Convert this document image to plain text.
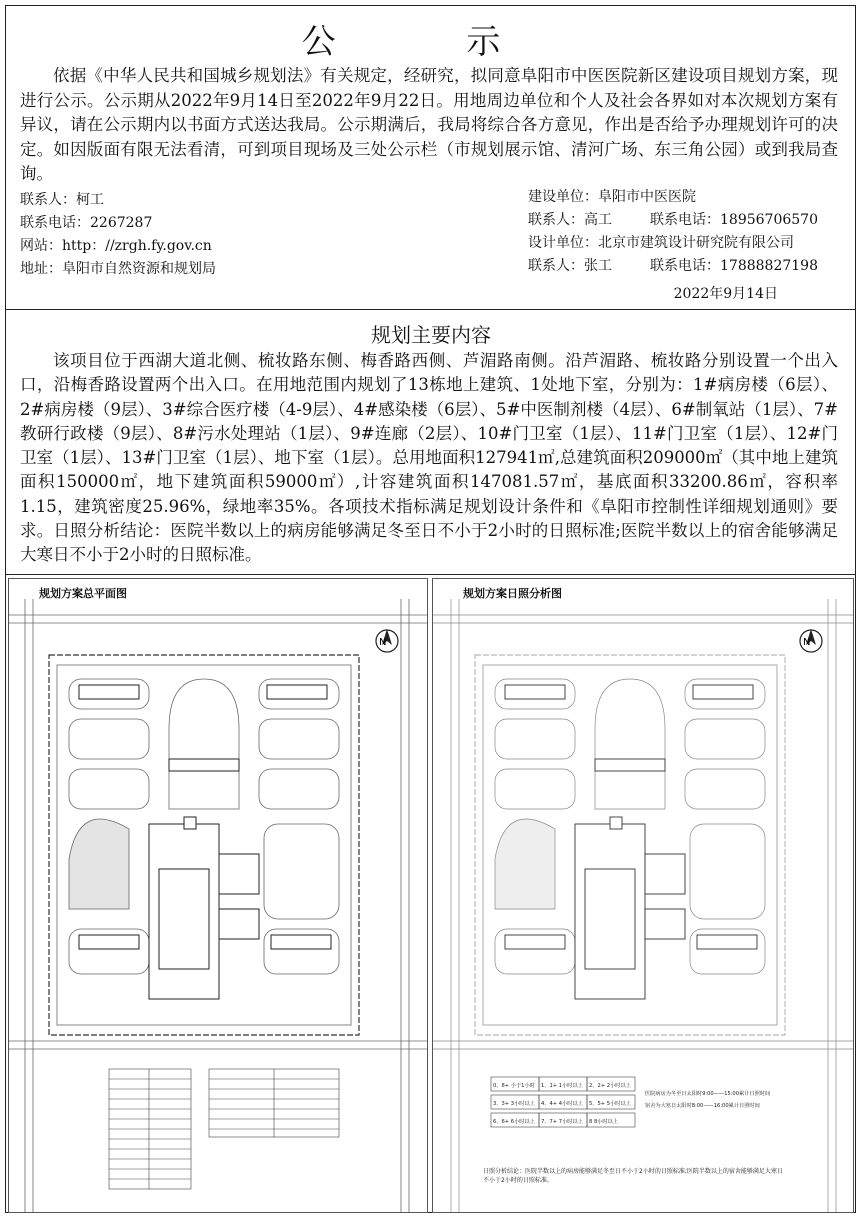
公 示
依据《中华人民共和国城乡规划法》有关规定，经研究，拟同意阜阳市中医医院新区建设项目规划方案，现进行公示。公示期从2022年9月14日至2022年9月22日。用地周边单位和个人及社会各界如对本次规划方案有异议，请在公示期内以书面方式送达我局。公示期满后，我局将综合各方意见，作出是否给予办理规划许可的决定。如因版面有限无法看清，可到项目现场及三处公示栏（市规划展示馆、清河广场、东三角公园）或到我局查询。
联系人：柯工
联系电话：2267287
网站：http：//zrgh.fy.gov.cn
地址：阜阳市自然资源和规划局
建设单位：阜阳市中医医院
联系人：高工	联系电话：18956706570
设计单位：北京市建筑设计研究院有限公司
联系人：张工	联系电话：17888827198
2022年9月14日
规划主要内容
该项目位于西湖大道北侧、梳妆路东侧、梅香路西侧、芦湄路南侧。沿芦湄路、梳妆路分别设置一个出入口，沿梅香路设置两个出入口。在用地范围内规划了13栋地上建筑、1处地下室，分别为：1#病房楼（6层）、2#病房楼（9层）、3#综合医疗楼（4-9层）、4#感染楼（6层）、5#中医制剂楼（4层）、6#制氧站（1层）、7#教研行政楼（9层）、8#污水处理站（1层）、9#连廊（2层）、10#门卫室（1层）、11#门卫室（1层）、12#门卫室（1层）、13#门卫室（1层）、地下室（1层）。总用地面积127941㎡,总建筑面积209000㎡（其中地上建筑面积150000㎡，地下建筑面积59000㎡）,计容建筑面积147081.57㎡，基底面积33200.86㎡，容积率1.15，建筑密度25.96%，绿地率35%。各项技术指标满足规划设计条件和《阜阳市控制性详细规划通则》要求。日照分析结论：医院半数以上的病房能够满足冬至日不小于2小时的日照标准;医院半数以上的宿舍能够满足大寒日不小于2小时的日照标准。
规划方案总平面图
N
规划方案日照分析图
N
0、8+ 小于1小时 1、1+ 1小时以上 2、2+ 2小时以上
3、3+ 3小时以上 4、4+ 4小时以上 5、5+ 5小时以上
6、6+ 6小时以上 7、7+ 7小时以上 8 8小时以上
医院病房为冬至日太阳时9:00——15:00累计日照时间
宿舍为大寒日太阳时8:00——16:00累计日照时间
日照分析结论：医院半数以上的病房能够满足冬至日不小于2小时的日照标准;医院半数以上的宿舍能够满足大寒日不小于2小时的日照标准。
